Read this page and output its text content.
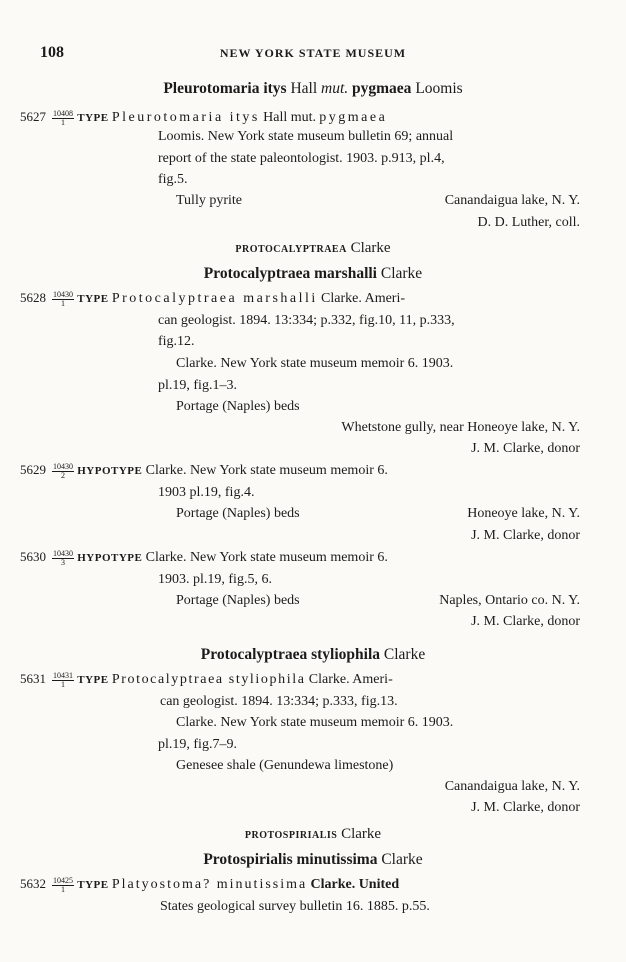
108	NEW YORK STATE MUSEUM
Pleurotomaria itys Hall mut. pygmaea Loomis
$5627 \frac{10408}{1}$ TYPE Pleurotomaria itys Hall mut. pygmaea
Loomis. New York state museum bulletin 69; annual
report of the state paleontologist. 1903. p.913, pl.4,
fig.5.
Tully pyrite	Canandaigua lake, N. Y.
D. D. Luther, coll.
PROTOCALYPTRAEA Clarke
Protocalyptraea marshalli Clarke
$5628 \frac{10430}{1}$ TYPE Protocalyptraea marshalli Clarke. Ameri-
can geologist. 1894. 13:334; p.332, fig.10, 11, p.333,
fig.12.
Clarke. New York state museum memoir 6. 1903.
pl.19, fig.1–3.
Portage (Naples) beds
Whetstone gully, near Honeoye lake, N. Y.
J. M. Clarke, donor
$5629 \frac{10430}{2}$ HYPOTYPE Clarke. New York state museum memoir 6.
1903 pl.19, fig.4.
Portage (Naples) beds	Honeoye lake, N. Y.
J. M. Clarke, donor
$5630 \frac{10430}{3}$ HYPOTYPE Clarke. New York state museum memoir 6.
1903. pl.19, fig.5, 6.
Portage (Naples) beds	Naples, Ontario co. N. Y.
J. M. Clarke, donor
Protocalyptraea styliophila Clarke
$5631 \frac{10431}{1}$ TYPE Protocalyptraea styliophila Clarke. Ameri-
can geologist. 1894. 13:334; p.333, fig.13.
Clarke. New York state museum memoir 6. 1903.
pl.19, fig.7–9.
Genesee shale (Genundewa limestone)
Canandaigua lake, N. Y.
J. M. Clarke, donor
PROTOSPIRIALIS Clarke
Protospirialis minutissima Clarke
$5632 \frac{10425}{1}$ TYPE Platyostoma? minutissima Clarke. United
States geological survey bulletin 16. 1885. p.55.
